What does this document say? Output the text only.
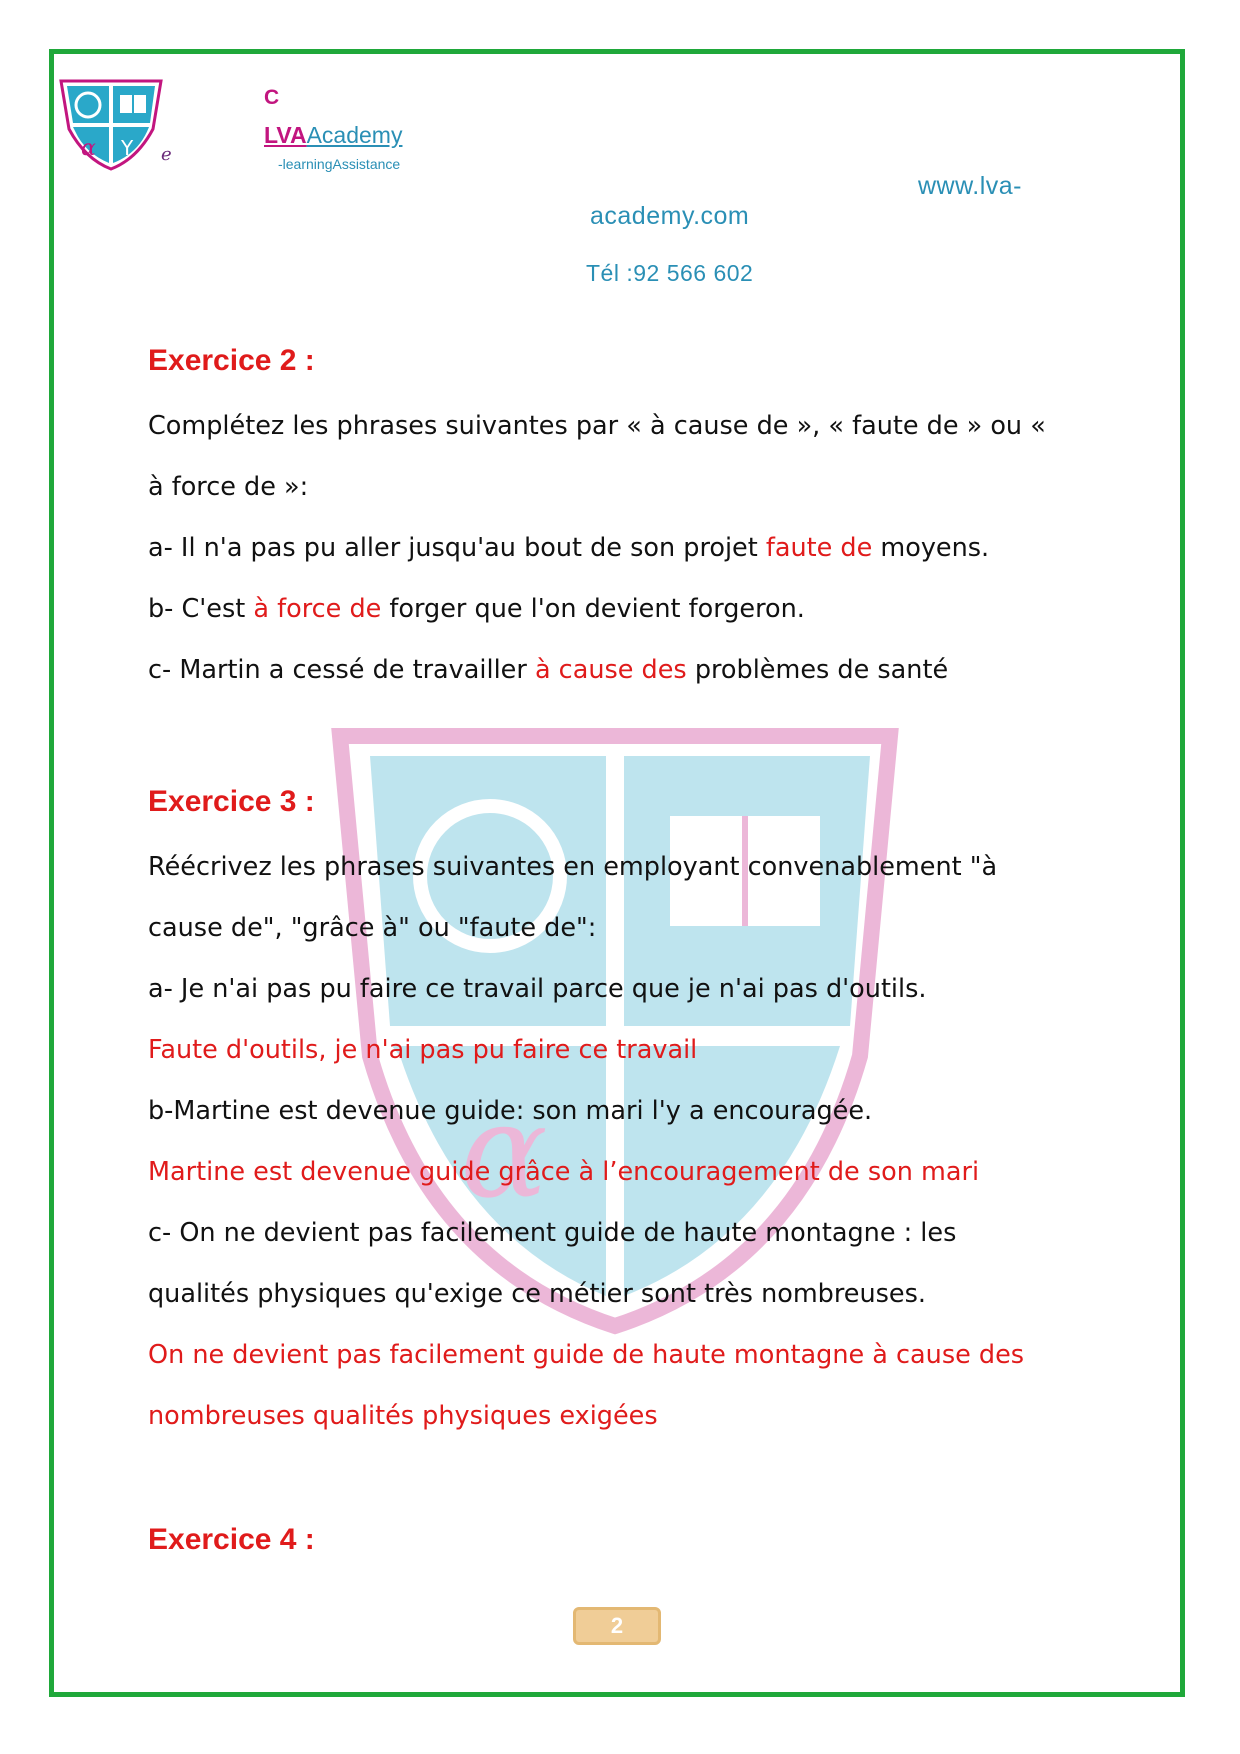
α Y e
C
LVAAcademy
-learningAssistance
www.lva-
academy.com
Tél :92 566 602
α
Exercice 2 :
Complétez les phrases suivantes par « à cause de », « faute de » ou «
à force de »:
a- Il n'a pas pu aller jusqu'au bout de son projet faute de moyens.
b- C'est à force de forger que l'on devient forgeron.
c- Martin a cessé de travailler à cause des problèmes de santé
Exercice 3 :
Réécrivez les phrases suivantes en employant convenablement "à
cause de", "grâce à" ou "faute de":
a- Je n'ai pas pu faire ce travail parce que je n'ai pas d'outils.
Faute d'outils, je n'ai pas pu faire ce travail
b-Martine est devenue guide: son mari l'y a encouragée.
Martine est devenue guide grâce à l’encouragement de son mari
c- On ne devient pas facilement guide de haute montagne : les
qualités physiques qu'exige ce métier sont très nombreuses.
On ne devient pas facilement guide de haute montagne à cause des
nombreuses qualités physiques exigées
Exercice 4 :
2
